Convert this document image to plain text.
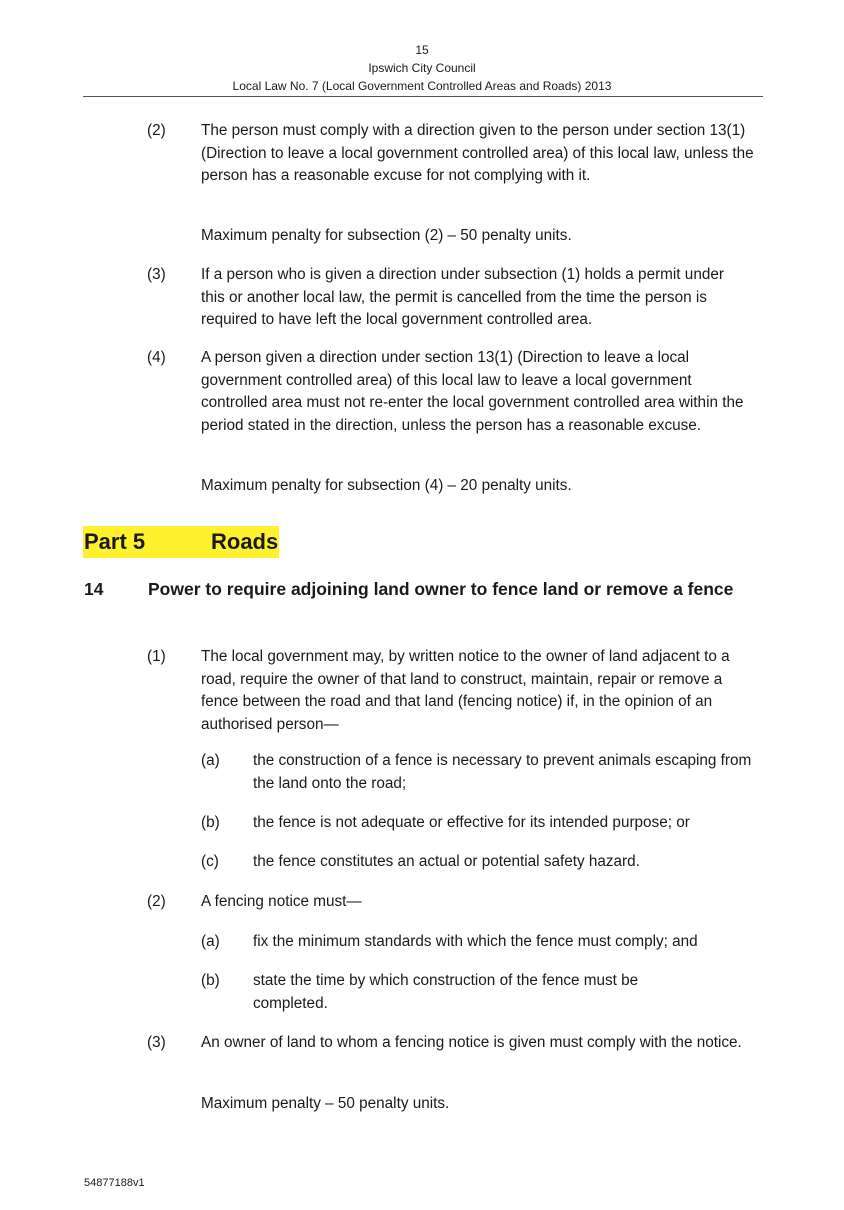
15
Ipswich City Council
Local Law No. 7 (Local Government Controlled Areas and Roads) 2013
(2) The person must comply with a direction given to the person under section 13(1) (Direction to leave a local government controlled area) of this local law, unless the person has a reasonable excuse for not complying with it.
Maximum penalty for subsection (2) – 50 penalty units.
(3) If a person who is given a direction under subsection (1) holds a permit under this or another local law, the permit is cancelled from the time the person is required to have left the local government controlled area.
(4) A person given a direction under section 13(1) (Direction to leave a local government controlled area) of this local law to leave a local government controlled area must not re-enter the local government controlled area within the period stated in the direction, unless the person has a reasonable excuse.
Maximum penalty for subsection (4) – 20 penalty units.
Part 5	Roads
14	Power to require adjoining land owner to fence land or remove a fence
(1) The local government may, by written notice to the owner of land adjacent to a road, require the owner of that land to construct, maintain, repair or remove a fence between the road and that land (fencing notice) if, in the opinion of an authorised person—
(a) the construction of a fence is necessary to prevent animals escaping from the land onto the road;
(b) the fence is not adequate or effective for its intended purpose; or
(c) the fence constitutes an actual or potential safety hazard.
(2) A fencing notice must—
(a) fix the minimum standards with which the fence must comply; and
(b) state the time by which construction of the fence must be completed.
(3) An owner of land to whom a fencing notice is given must comply with the notice.
Maximum penalty – 50 penalty units.
54877188v1
